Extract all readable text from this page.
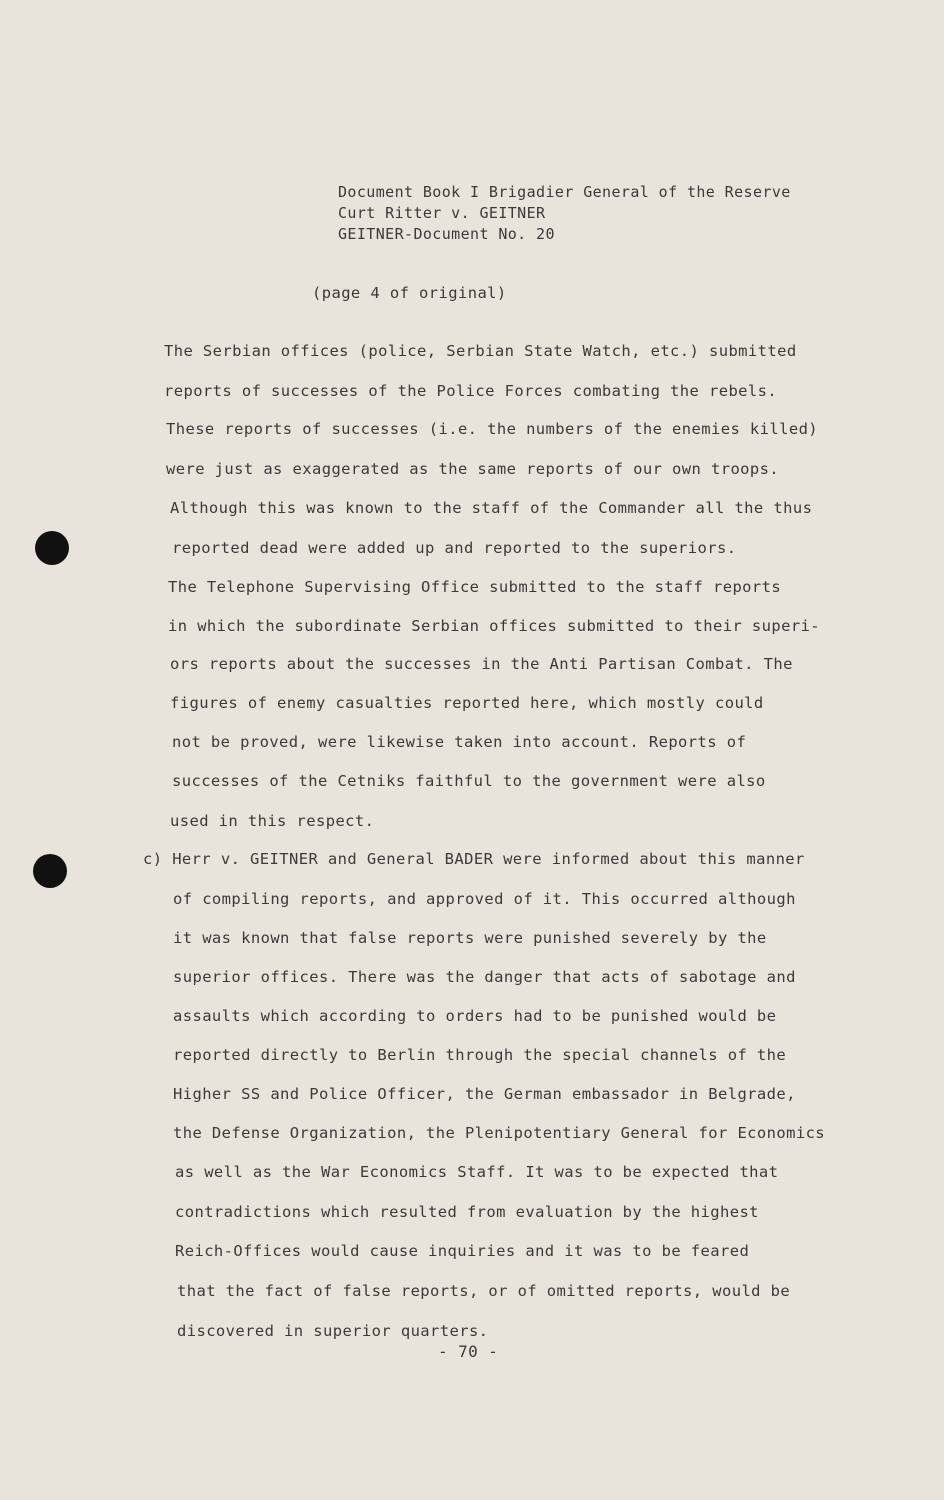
Document Book I Brigadier General of the Reserve
Curt Ritter v. GEITNER
GEITNER-Document No. 20
(page 4 of original)
The Serbian offices (police, Serbian State Watch, etc.) submitted
reports of successes of the Police Forces combating the rebels.
These reports of successes (i.e. the numbers of the enemies killed)
were just as exaggerated as the same reports of our own troops.
Although this was known to the staff of the Commander all the thus
reported dead were added up and reported to the superiors.
The Telephone Supervising Office submitted to the staff reports
in which the subordinate Serbian offices submitted to their superi-
ors reports about the successes in the Anti Partisan Combat. The
figures of enemy casualties reported here, which mostly could
not be proved, were likewise taken into account. Reports of
successes of the Cetniks faithful to the government were also
used in this respect.
c) Herr v. GEITNER and General BADER were informed about this manner
of compiling reports, and approved of it. This occurred although
it was known that false reports were punished severely by the
superior offices. There was the danger that acts of sabotage and
assaults which according to orders had to be punished would be
reported directly to Berlin through the special channels of the
Higher SS and Police Officer, the German embassador in Belgrade,
the Defense Organization, the Plenipotentiary General for Economics
as well as the War Economics Staff. It was to be expected that
contradictions which resulted from evaluation by the highest
Reich-Offices would cause inquiries and it was to be feared
that the fact of false reports, or of omitted reports, would be
discovered in superior quarters.
- 70 -
